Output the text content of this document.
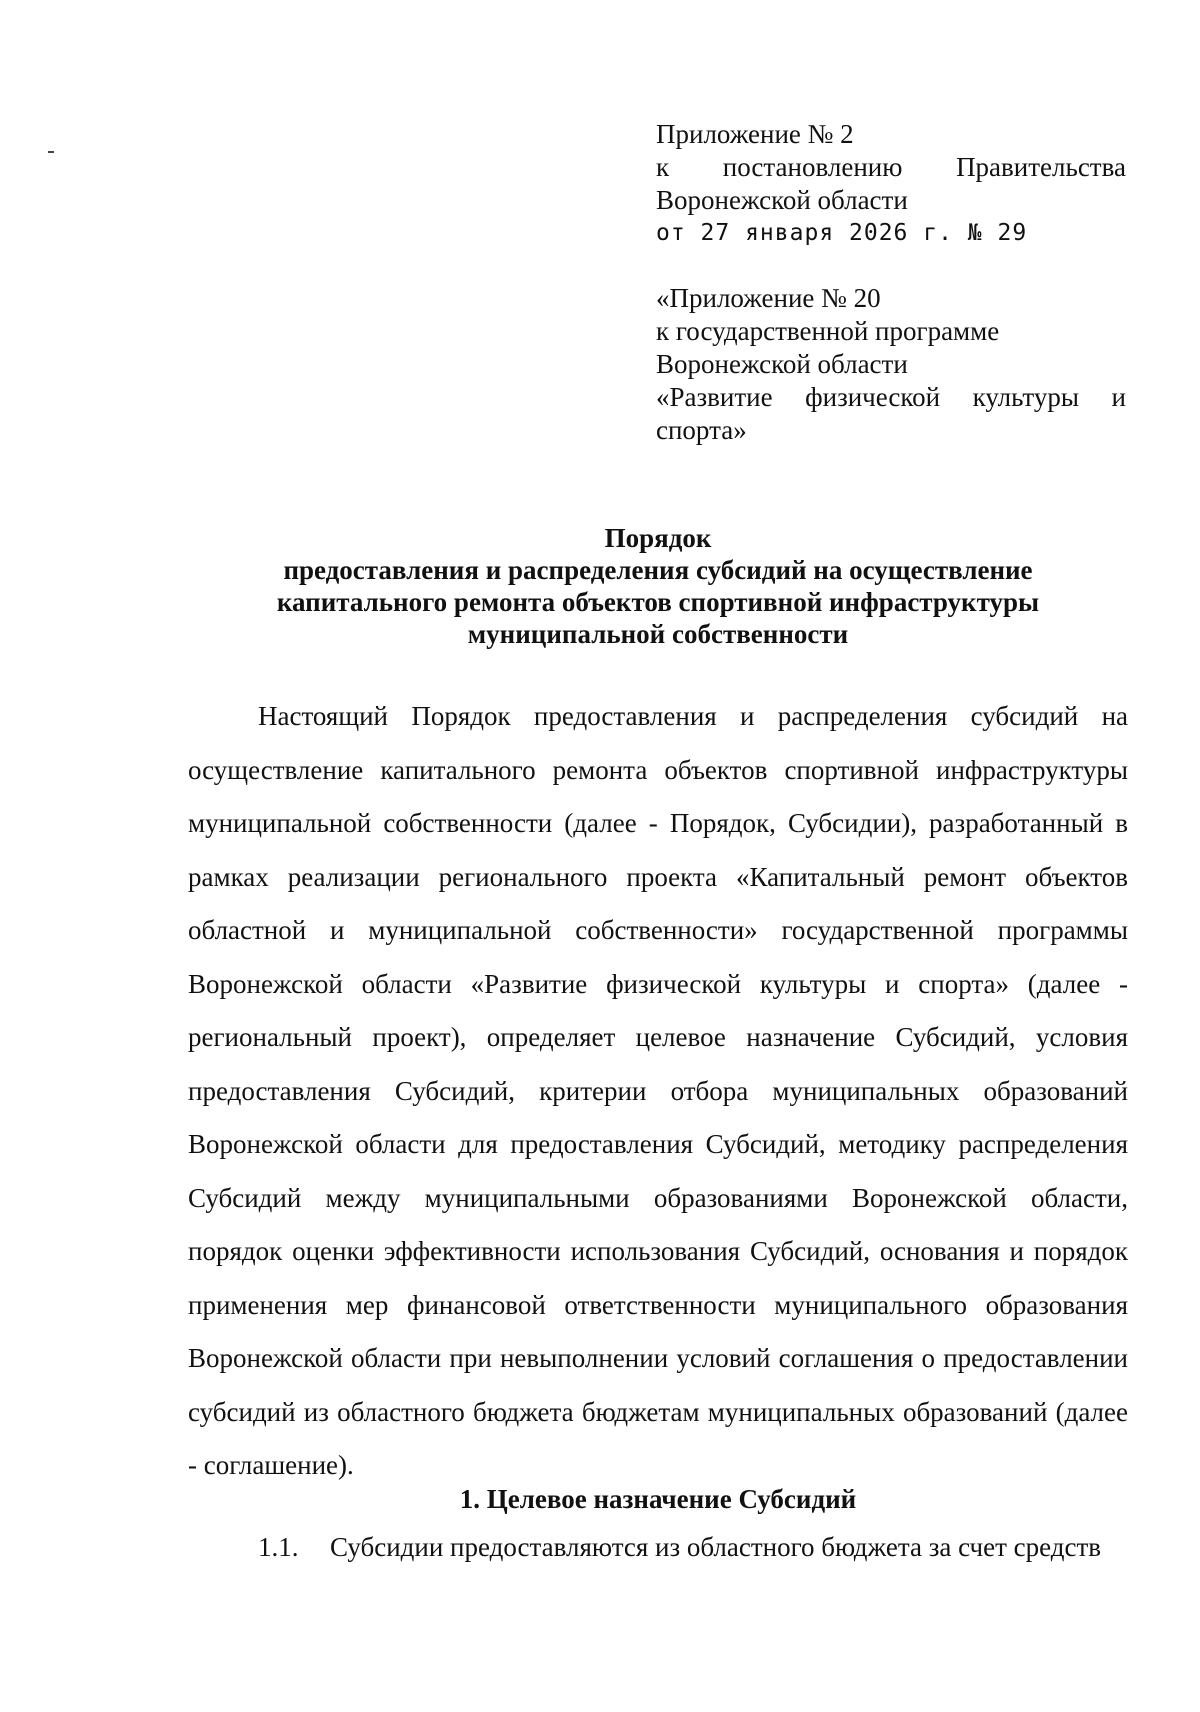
Приложение № 2
к постановлению Правительства
Воронежской области
от 27 января 2026 г. № 29
«Приложение № 20
к государственной программе
Воронежской области
«Развитие физической культуры и
спорта»
Порядок
предоставления и распределения субсидий на осуществление
капитального ремонта объектов спортивной инфраструктуры
муниципальной собственности

Настоящий Порядок предоставления и распределения субсидий на осуществление капитального ремонта объектов спортивной инфраструктуры муниципальной собственности (далее - Порядок, Субсидии), разработанный в рамках реализации регионального проекта «Капитальный ремонт объектов областной и муниципальной собственности» государственной программы Воронежской области «Развитие физической культуры и спорта» (далее - региональный проект), определяет целевое назначение Субсидий, условия предоставления Субсидий, критерии отбора муниципальных образований Воронежской области для предоставления Субсидий, методику распределения Субсидий между муниципальными образованиями Воронежской области, порядок оценки эффективности использования Субсидий, основания и порядок применения мер финансовой ответственности муниципального образования Воронежской области при невыполнении условий соглашения о предоставлении субсидий из областного бюджета бюджетам муниципальных образований (далее - соглашение).

1. Целевое назначение Субсидий
1.1.	Субсидии предоставляются из областного бюджета за счет средств
